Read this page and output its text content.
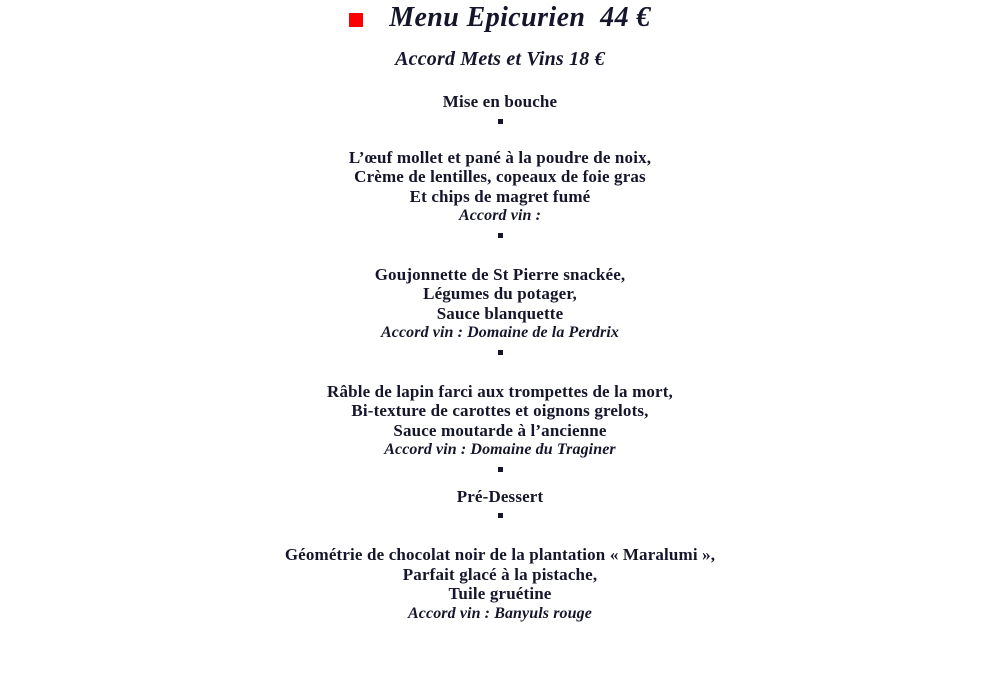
Menu Epicurien  44 €
Accord Mets et Vins 18 €
Mise en bouche
L’œuf mollet et pané à la poudre de noix,
Crème de lentilles, copeaux de foie gras
Et chips de magret fumé
Accord vin :
Goujonnette de St Pierre snackée,
Légumes du potager,
Sauce blanquette
Accord vin : Domaine de la Perdrix
Râble de lapin farci aux trompettes de la mort,
Bi-texture de carottes et oignons grelots,
Sauce moutarde à l’ancienne
Accord vin : Domaine du Traginer
Pré-Dessert
Géométrie de chocolat noir de la plantation « Maralumi »,
Parfait glacé à la pistache,
Tuile gruétine
Accord vin : Banyuls rouge
